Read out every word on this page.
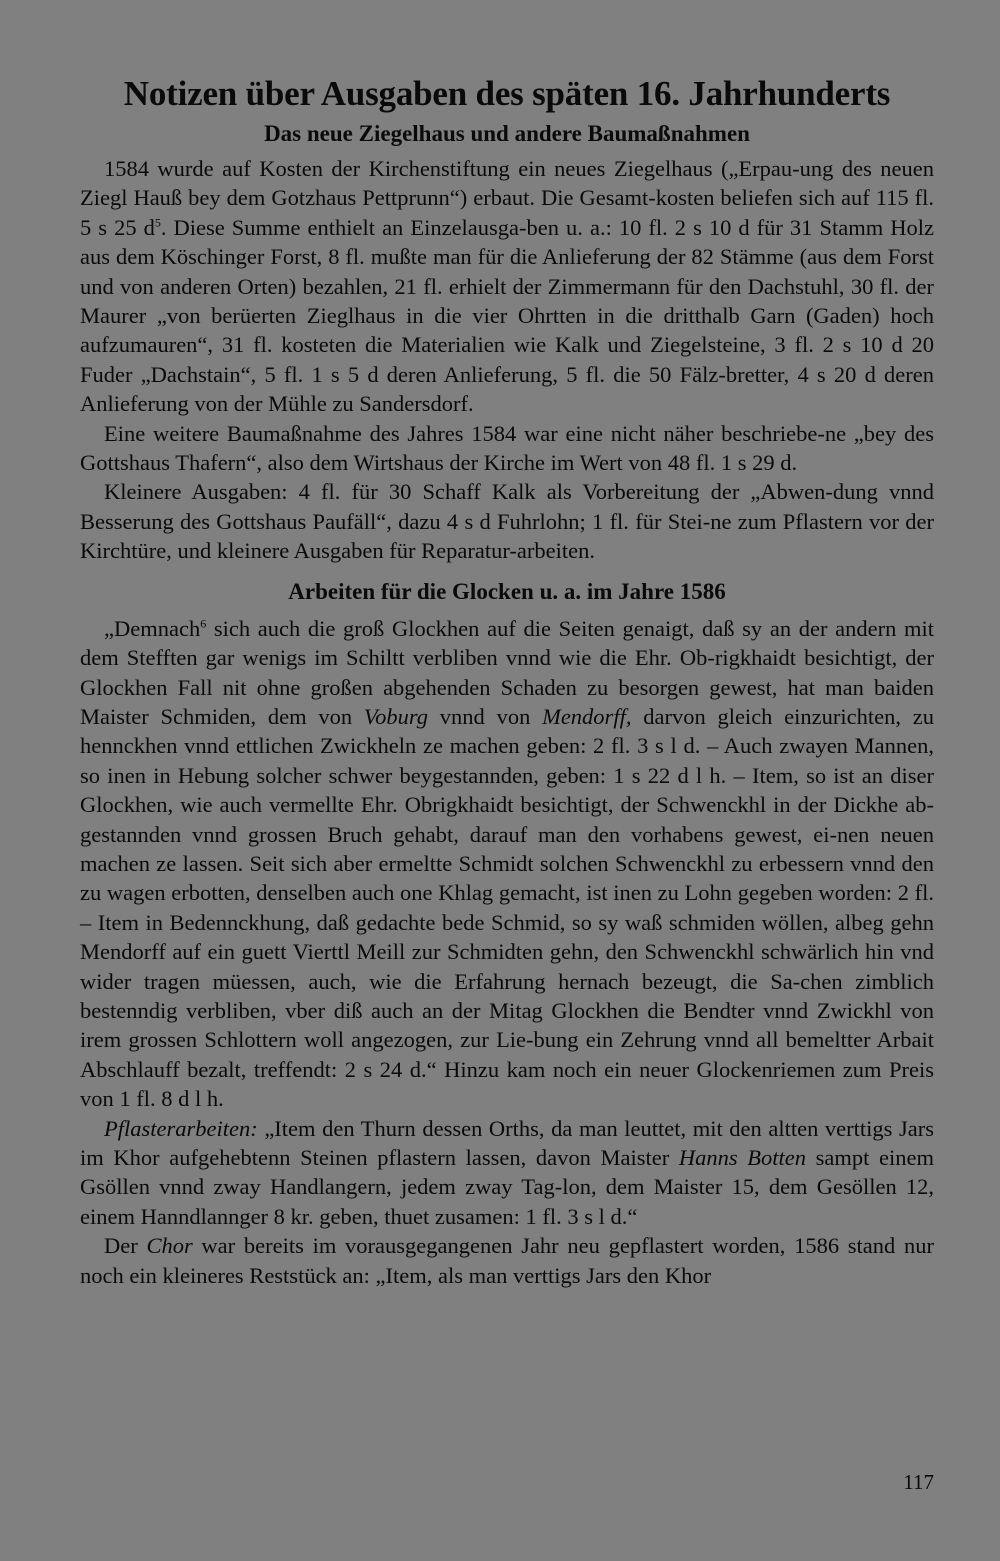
Notizen über Ausgaben des späten 16. Jahrhunderts
Das neue Ziegelhaus und andere Baumaßnahmen

1584 wurde auf Kosten der Kirchenstiftung ein neues Ziegelhaus („Erpau-ung des neuen Ziegl Hauß bey dem Gotzhaus Pettprunn“) erbaut. Die Gesamt-kosten beliefen sich auf 115 fl. 5 s 25 $d^5$. Diese Summe enthielt an Einzelausga-ben u. a.: 10 fl. 2 s 10 d für 31 Stamm Holz aus dem Köschinger Forst, 8 fl. mußte man für die Anlieferung der 82 Stämme (aus dem Forst und von anderen Orten) bezahlen, 21 fl. erhielt der Zimmermann für den Dachstuhl, 30 fl. der Maurer „von berüerten Zieglhaus in die vier Ohrtten in die dritthalb Garn (Gaden) hoch aufzumauren“, 31 fl. kosteten die Materialien wie Kalk und Ziegelsteine, 3 fl. 2 s 10 d 20 Fuder „Dachstain“, 5 fl. 1 s 5 d deren Anlieferung, 5 fl. die 50 Fälz-bretter, 4 s 20 d deren Anlieferung von der Mühle zu Sandersdorf.

Eine weitere Baumaßnahme des Jahres 1584 war eine nicht näher beschriebe-ne „bey des Gottshaus Thafern“, also dem Wirtshaus der Kirche im Wert von 48 fl. 1 s 29 d.

Kleinere Ausgaben: 4 fl. für 30 Schaff Kalk als Vorbereitung der „Abwen-dung vnnd Besserung des Gottshaus Paufäll“, dazu 4 s d Fuhrlohn; 1 fl. für Stei-ne zum Pflastern vor der Kirchtüre, und kleinere Ausgaben für Reparatur-arbeiten.

Arbeiten für die Glocken u. a. im Jahre 1586

„Demnach$^6$ sich auch die groß Glockhen auf die Seiten genaigt, daß sy an der andern mit dem Stefften gar wenigs im Schiltt verbliben vnnd wie die Ehr. Ob-rigkhaidt besichtigt, der Glockhen Fall nit ohne großen abgehenden Schaden zu besorgen gewest, hat man baiden Maister Schmiden, dem von Voburg vnnd von Mendorff, darvon gleich einzurichten, zu hennckhen vnnd ettlichen Zwickheln ze machen geben: 2 fl. 3 s l d. – Auch zwayen Mannen, so inen in Hebung solcher schwer beygestannden, geben: 1 s 22 d l h. – Item, so ist an diser Glockhen, wie auch vermellte Ehr. Obrigkhaidt besichtigt, der Schwenckhl in der Dickhe ab-gestannden vnnd grossen Bruch gehabt, darauf man den vorhabens gewest, ei-nen neuen machen ze lassen. Seit sich aber ermeltte Schmidt solchen Schwenckhl zu erbessern vnnd den zu wagen erbotten, denselben auch one Khlag gemacht, ist inen zu Lohn gegeben worden: 2 fl. – Item in Bedennckhung, daß gedachte bede Schmid, so sy waß schmiden wöllen, albeg gehn Mendorff auf ein guett Vierttl Meill zur Schmidten gehn, den Schwenckhl schwärlich hin vnd wider tragen müessen, auch, wie die Erfahrung hernach bezeugt, die Sa-chen zimblich bestenndig verbliben, vber diß auch an der Mitag Glockhen die Bendter vnnd Zwickhl von irem grossen Schlottern woll angezogen, zur Lie-bung ein Zehrung vnnd all bemeltter Arbait Abschlauff bezalt, treffendt: 2 s 24 d.“ Hinzu kam noch ein neuer Glockenriemen zum Preis von 1 fl. 8 d l h.

Pflasterarbeiten: „Item den Thurn dessen Orths, da man leuttet, mit den altten verttigs Jars im Khor aufgehebtenn Steinen pflastern lassen, davon Maister Hanns Botten sampt einem Gsöllen vnnd zway Handlangern, jedem zway Tag-lon, dem Maister 15, dem Gesöllen 12, einem Hanndlannger 8 kr. geben, thuet zusamen: 1 fl. 3 s l d.“

Der Chor war bereits im vorausgegangenen Jahr neu gepflastert worden, 1586 stand nur noch ein kleineres Reststück an: „Item, als man verttigs Jars den Khor

117
